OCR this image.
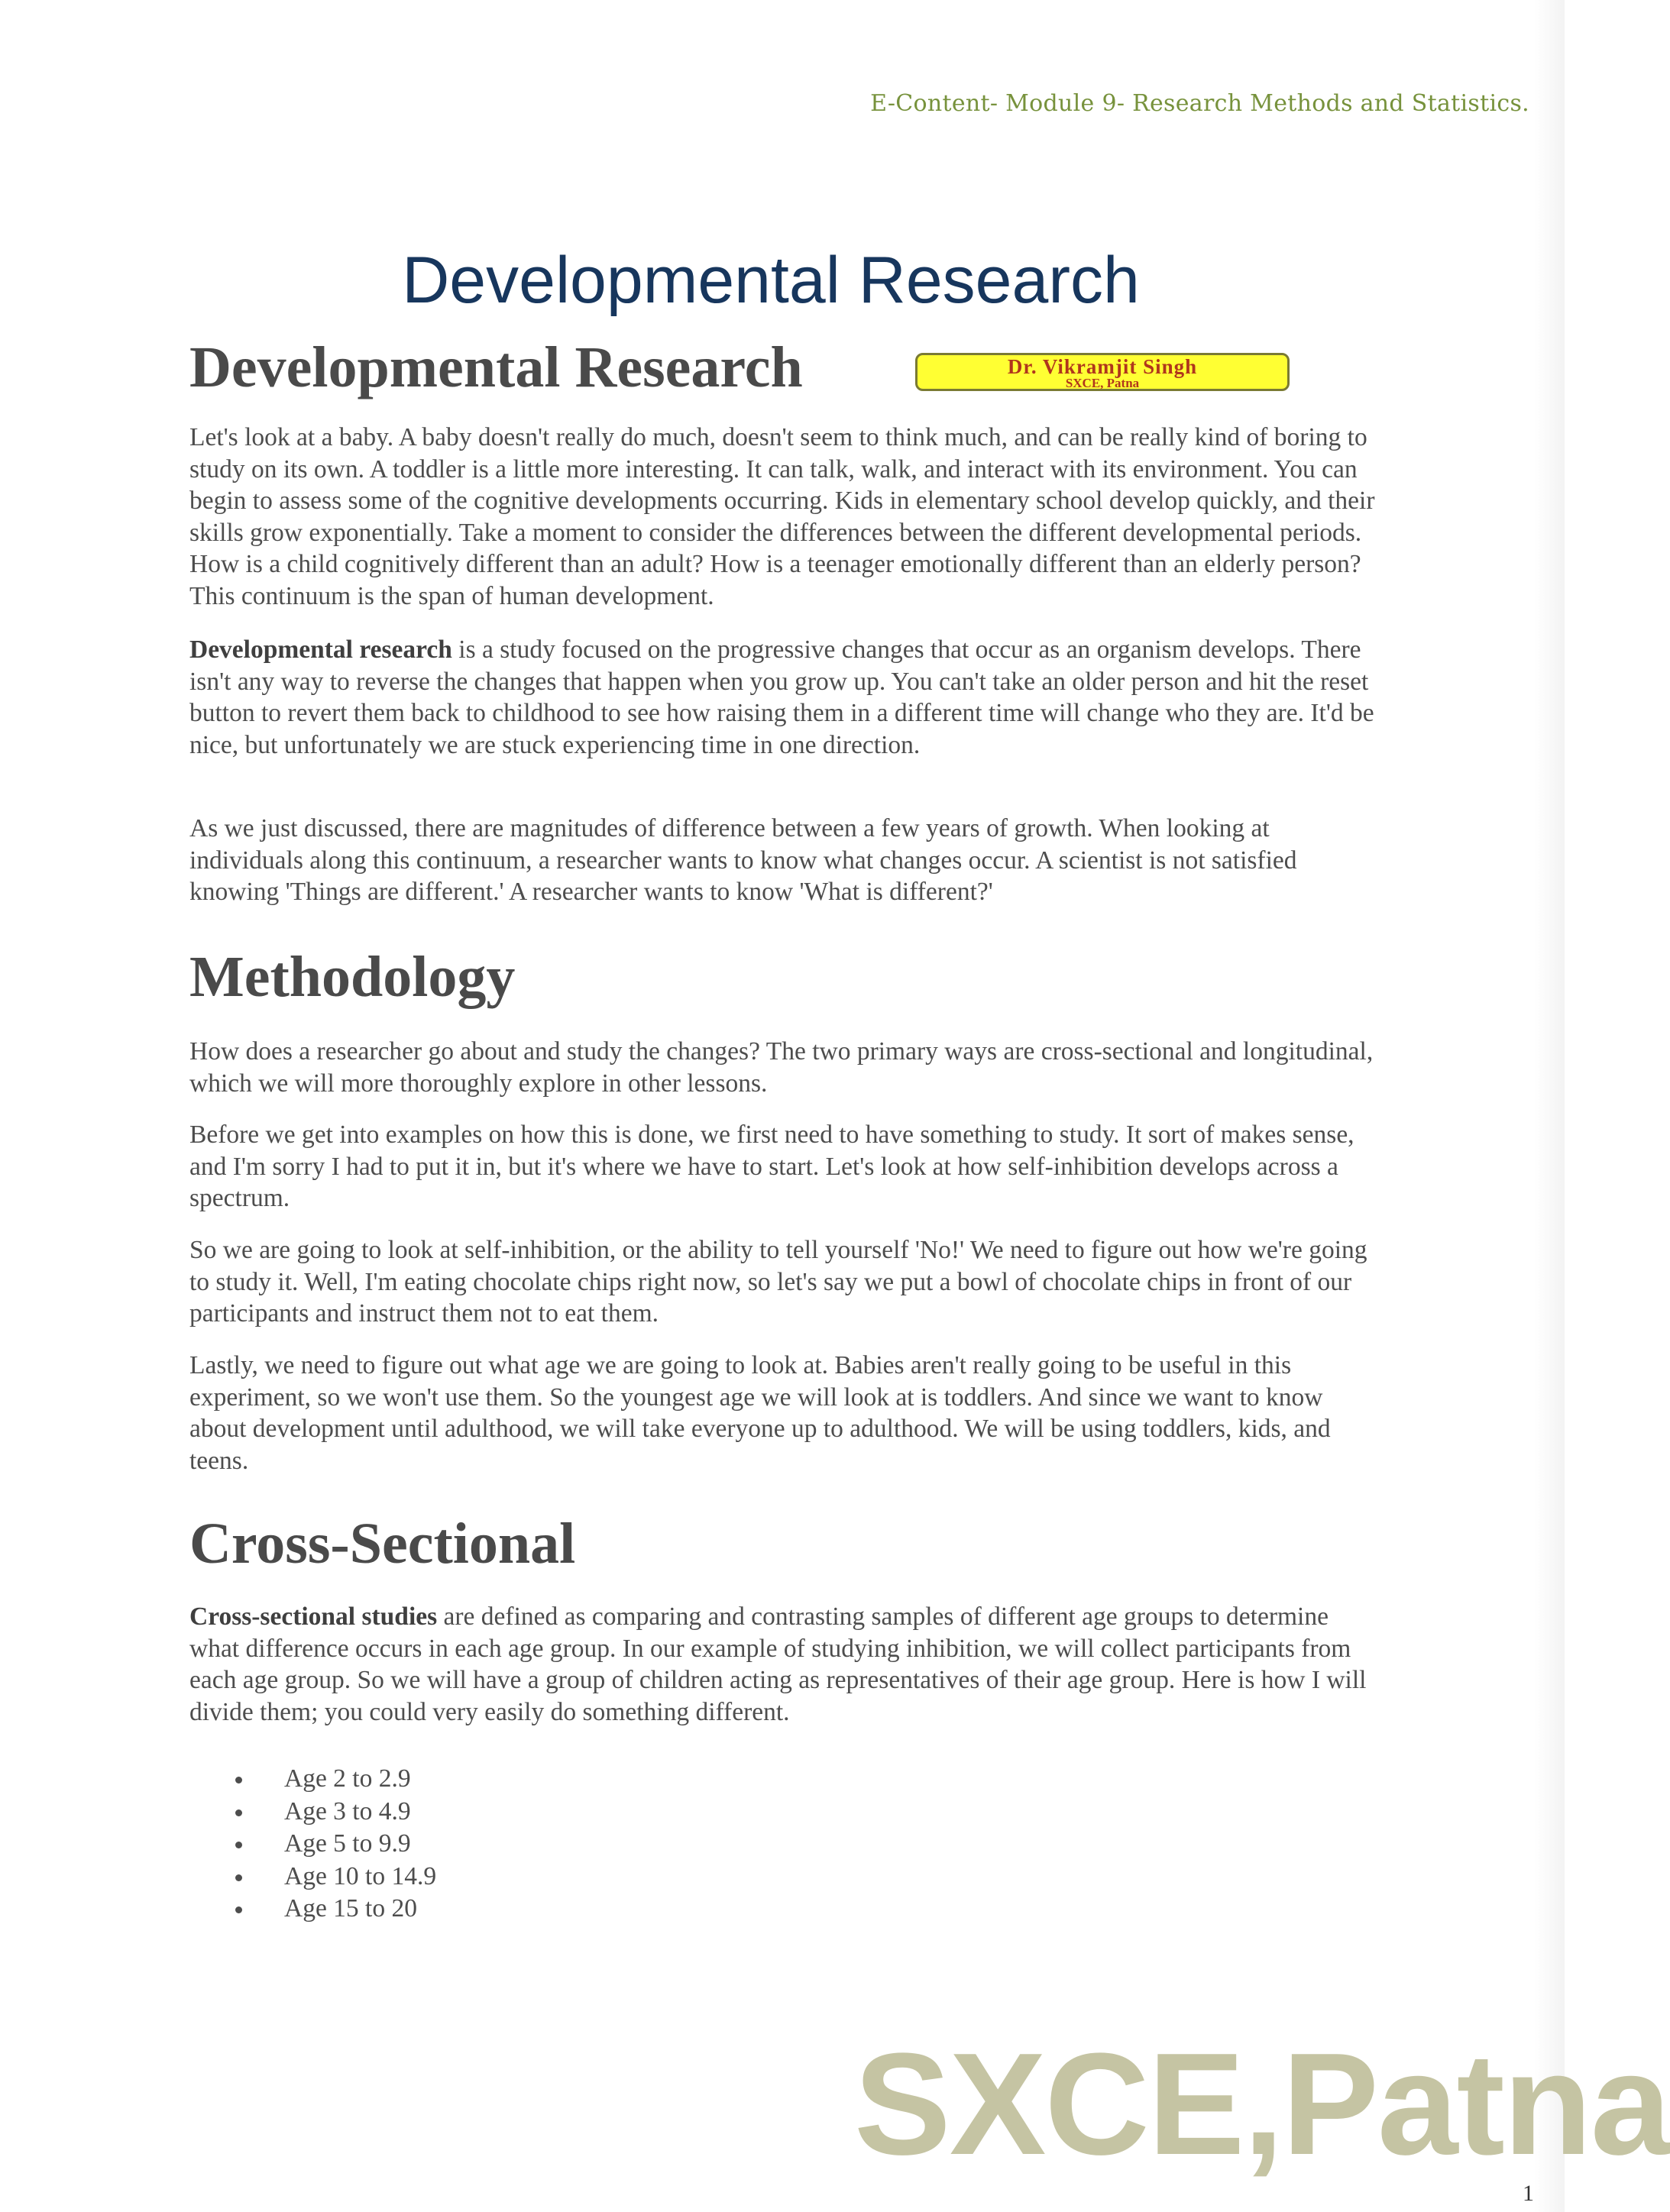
E-Content- Module 9- Research Methods and Statistics.
Developmental Research
Developmental Research	Dr. Vikramjit Singh
SXCE, Patna

Let's look at a baby. A baby doesn't really do much, doesn't seem to think much, and can be really kind of boring to study on its own. A toddler is a little more interesting. It can talk, walk, and interact with its environment. You can begin to assess some of the cognitive developments occurring. Kids in elementary school develop quickly, and their skills grow exponentially. Take a moment to consider the differences between the different developmental periods. How is a child cognitively different than an adult? How is a teenager emotionally different than an elderly person? This continuum is the span of human development.

Developmental research is a study focused on the progressive changes that occur as an organism develops. There isn't any way to reverse the changes that happen when you grow up. You can't take an older person and hit the reset button to revert them back to childhood to see how raising them in a different time will change who they are. It'd be nice, but unfortunately we are stuck experiencing time in one direction.

As we just discussed, there are magnitudes of difference between a few years of growth. When looking at individuals along this continuum, a researcher wants to know what changes occur. A scientist is not satisfied knowing 'Things are different.' A researcher wants to know 'What is different?'

Methodology

How does a researcher go about and study the changes? The two primary ways are cross-sectional and longitudinal, which we will more thoroughly explore in other lessons.

Before we get into examples on how this is done, we first need to have something to study. It sort of makes sense, and I'm sorry I had to put it in, but it's where we have to start. Let's look at how self-inhibition develops across a spectrum.

So we are going to look at self-inhibition, or the ability to tell yourself 'No!' We need to figure out how we're going to study it. Well, I'm eating chocolate chips right now, so let's say we put a bowl of chocolate chips in front of our participants and instruct them not to eat them.

Lastly, we need to figure out what age we are going to look at. Babies aren't really going to be useful in this experiment, so we won't use them. So the youngest age we will look at is toddlers. And since we want to know about development until adulthood, we will take everyone up to adulthood. We will be using toddlers, kids, and teens.

Cross-Sectional

Cross-sectional studies are defined as comparing and contrasting samples of different age groups to determine what difference occurs in each age group. In our example of studying inhibition, we will collect participants from each age group. So we will have a group of children acting as representatives of their age group. Here is how I will divide them; you could very easily do something different.

Age 2 to 2.9
Age 3 to 4.9
Age 5 to 9.9
Age 10 to 14.9
Age 15 to 20
SXCE,Patna
1
